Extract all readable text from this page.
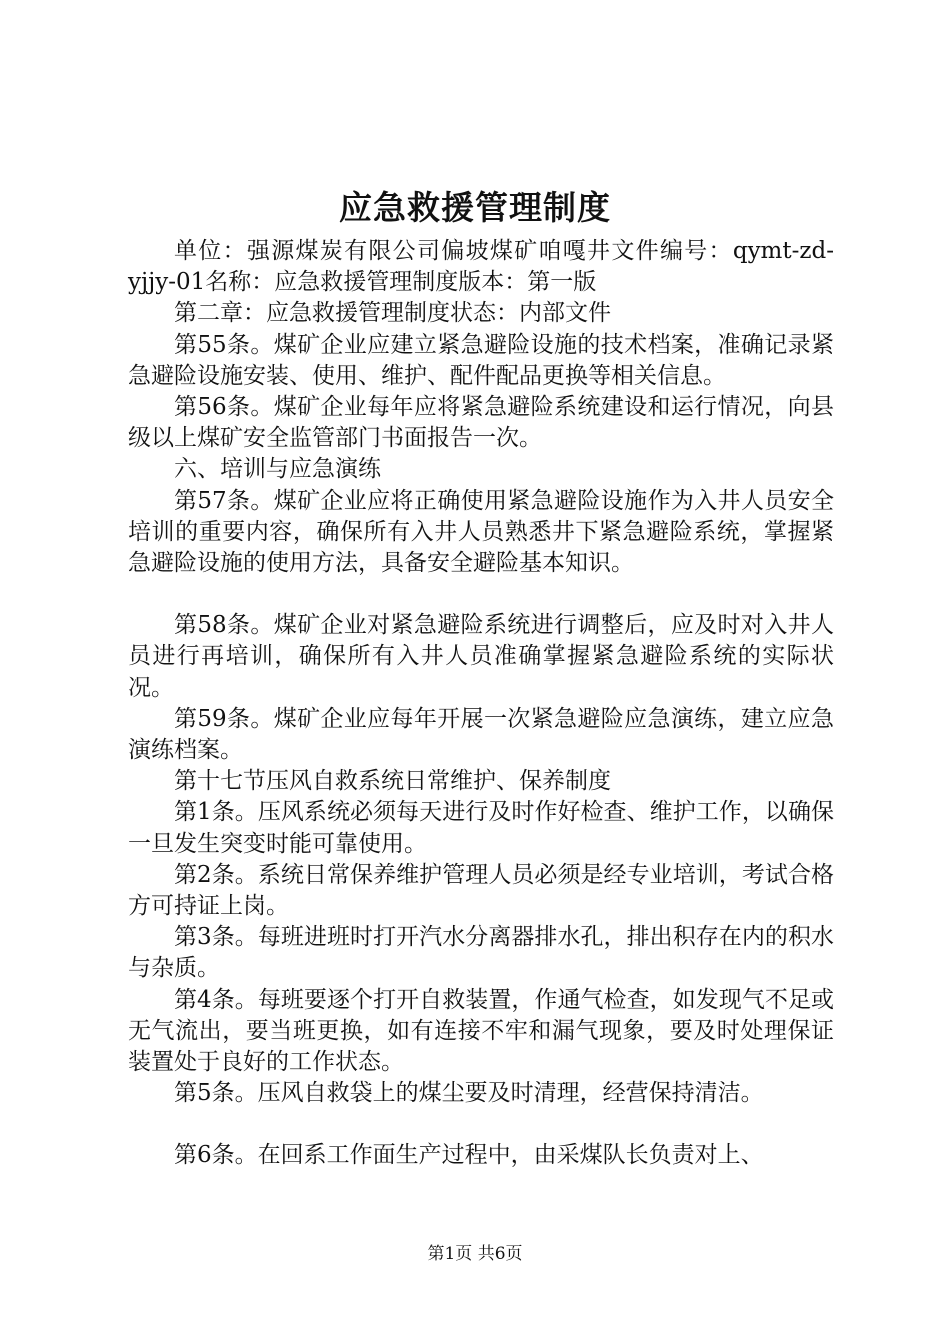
应急救援管理制度

单位：强源煤炭有限公司偏坡煤矿咱嘎井文件编号：qymt-zd-yjjy-01名称：应急救援管理制度版本：第一版

第二章：应急救援管理制度状态：内部文件

第55条。煤矿企业应建立紧急避险设施的技术档案，准确记录紧急避险设施安装、使用、维护、配件配品更换等相关信息。

第56条。煤矿企业每年应将紧急避险系统建设和运行情况，向县级以上煤矿安全监管部门书面报告一次。

六、培训与应急演练

第57条。煤矿企业应将正确使用紧急避险设施作为入井人员安全培训的重要内容，确保所有入井人员熟悉井下紧急避险系统，掌握紧急避险设施的使用方法，具备安全避险基本知识。

第58条。煤矿企业对紧急避险系统进行调整后，应及时对入井人员进行再培训，确保所有入井人员准确掌握紧急避险系统的实际状况。

第59条。煤矿企业应每年开展一次紧急避险应急演练，建立应急演练档案。

第十七节压风自救系统日常维护、保养制度

第1条。压风系统必须每天进行及时作好检查、维护工作，以确保一旦发生突变时能可靠使用。

第2条。系统日常保养维护管理人员必须是经专业培训，考试合格方可持证上岗。

第3条。每班进班时打开汽水分离器排水孔，排出积存在内的积水与杂质。

第4条。每班要逐个打开自救装置，作通气检查，如发现气不足或无气流出，要当班更换，如有连接不牢和漏气现象，要及时处理保证装置处于良好的工作状态。

第5条。压风自救袋上的煤尘要及时清理，经营保持清洁。

第6条。在回系工作面生产过程中，由采煤队长负责对上、

第1页 共6页
